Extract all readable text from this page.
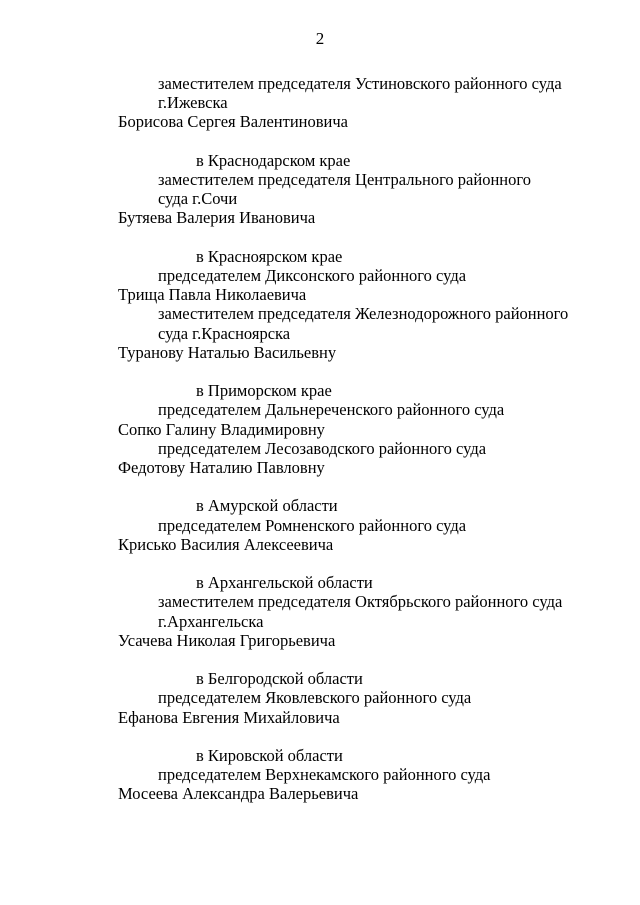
2
заместителем председателя Устиновского районного суда
г.Ижевска
Борисова Сергея Валентиновича
в Краснодарском крае
заместителем председателя Центрального районного
суда г.Сочи
Бутяева Валерия Ивановича
в Красноярском крае
председателем Диксонского районного суда
Трища Павла Николаевича
заместителем председателя Железнодорожного районного
суда г.Красноярска
Туранову Наталью Васильевну
в Приморском крае
председателем Дальнереченского районного суда
Сопко Галину Владимировну
председателем Лесозаводского районного суда
Федотову Наталию Павловну
в Амурской области
председателем Ромненского районного суда
Крисько Василия Алексеевича
в Архангельской области
заместителем председателя Октябрьского районного суда
г.Архангельска
Усачева Николая Григорьевича
в Белгородской области
председателем Яковлевского районного суда
Ефанова Евгения Михайловича
в Кировской области
председателем Верхнекамского районного суда
Мосеева Александра Валерьевича
